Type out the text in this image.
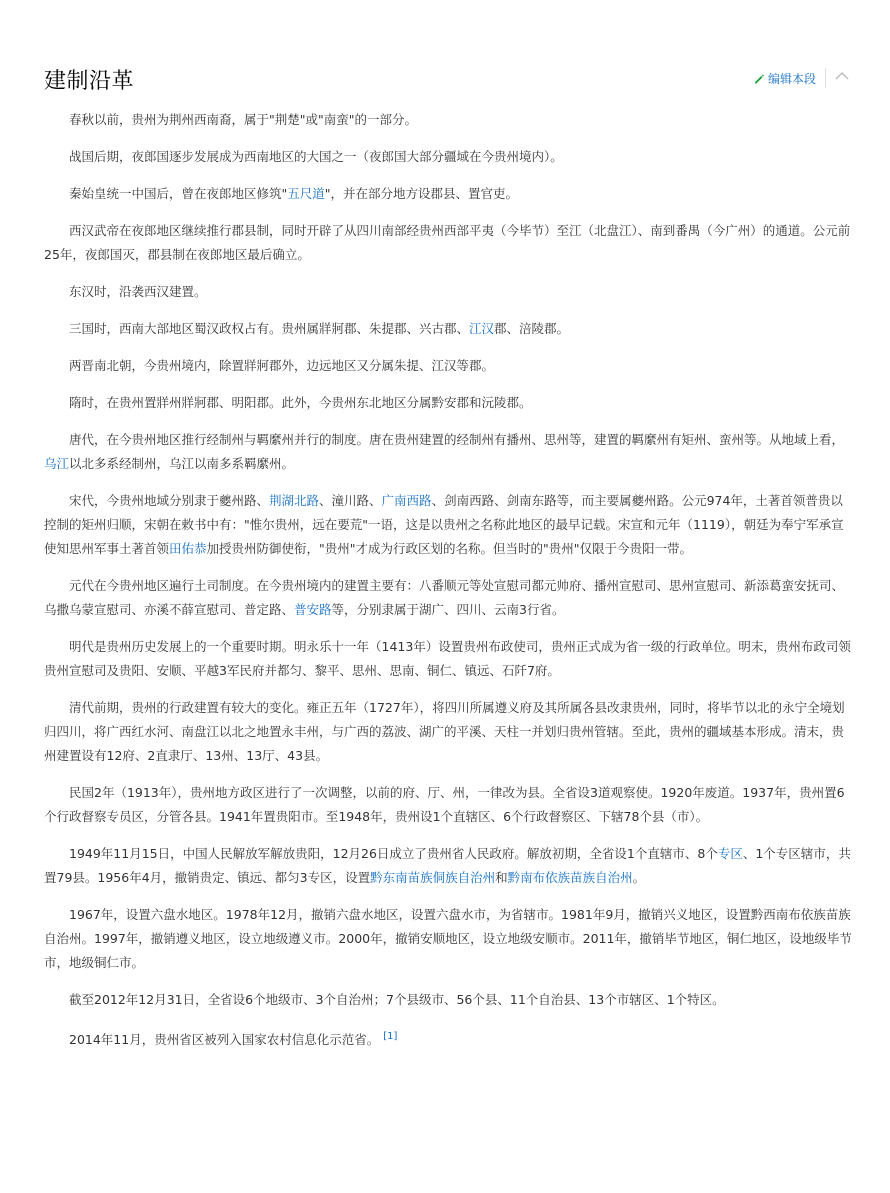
建制沿革	编辑本段

春秋以前，贵州为荆州西南裔，属于"荆楚"或"南蛮"的一部分。

战国后期，夜郎国逐步发展成为西南地区的大国之一（夜郎国大部分疆域在今贵州境内）。

秦始皇统一中国后，曾在夜郎地区修筑"五尺道"，并在部分地方设郡县、置官吏。

西汉武帝在夜郎地区继续推行郡县制，同时开辟了从四川南部经贵州西部平夷（今毕节）至江（北盘江）、南到番禺（今广州）的通道。公元前25年，夜郎国灭，郡县制在夜郎地区最后确立。

东汉时，沿袭西汉建置。

三国时，西南大部地区蜀汉政权占有。贵州属牂牁郡、朱提郡、兴古郡、江汉郡、涪陵郡。

两晋南北朝，今贵州境内，除置牂牁郡外，边远地区又分属朱提、江汉等郡。

隋时，在贵州置牂州牂牁郡、明阳郡。此外，今贵州东北地区分属黔安郡和沅陵郡。

唐代，在今贵州地区推行经制州与羁縻州并行的制度。唐在贵州建置的经制州有播州、思州等，建置的羁縻州有矩州、蛮州等。从地域上看，乌江以北多系经制州，乌江以南多系羁縻州。

宋代，今贵州地域分别隶于夔州路、荆湖北路、潼川路、广南西路、剑南西路、剑南东路等，而主要属夔州路。公元974年，土著首领普贵以控制的矩州归顺，宋朝在敕书中有："惟尔贵州，远在要荒"一语，这是以贵州之名称此地区的最早记载。宋宣和元年（1119），朝廷为奉宁军承宣使知思州军事土著首领田佑恭加授贵州防御使衔，"贵州"才成为行政区划的名称。但当时的"贵州"仅限于今贵阳一带。

元代在今贵州地区遍行土司制度。在今贵州境内的建置主要有：八番顺元等处宣慰司都元帅府、播州宣慰司、思州宣慰司、新添葛蛮安抚司、乌撒乌蒙宣慰司、亦溪不薛宣慰司、普定路、普安路等，分别隶属于湖广、四川、云南3行省。

明代是贵州历史发展上的一个重要时期。明永乐十一年（1413年）设置贵州布政使司，贵州正式成为省一级的行政单位。明末，贵州布政司领贵州宣慰司及贵阳、安顺、平越3军民府并都匀、黎平、思州、思南、铜仁、镇远、石阡7府。

清代前期，贵州的行政建置有较大的变化。雍正五年（1727年），将四川所属遵义府及其所属各县改隶贵州，同时，将毕节以北的永宁全境划归四川，将广西红水河、南盘江以北之地置永丰州，与广西的荔波、湖广的平溪、天柱一并划归贵州管辖。至此，贵州的疆域基本形成。清末，贵州建置设有12府、2直隶厅、13州、13厅、43县。

民国2年（1913年），贵州地方政区进行了一次调整，以前的府、厅、州，一律改为县。全省设3道观察使。1920年废道。1937年，贵州置6个行政督察专员区，分管各县。1941年置贵阳市。至1948年，贵州设1个直辖区、6个行政督察区、下辖78个县（市）。

1949年11月15日，中国人民解放军解放贵阳，12月26日成立了贵州省人民政府。解放初期，全省设1个直辖市、8个专区、1个专区辖市，共置79县。1956年4月，撤销贵定、镇远、都匀3专区，设置黔东南苗族侗族自治州和黔南布依族苗族自治州。

1967年，设置六盘水地区。1978年12月，撤销六盘水地区，设置六盘水市，为省辖市。1981年9月，撤销兴义地区，设置黔西南布依族苗族自治州。1997年，撤销遵义地区，设立地级遵义市。2000年，撤销安顺地区，设立地级安顺市。2011年，撤销毕节地区，铜仁地区，设地级毕节市，地级铜仁市。

截至2012年12月31日，全省设6个地级市、3个自治州；7个县级市、56个县、11个自治县、13个市辖区、1个特区。

2014年11月，贵州省区被列入国家农村信息化示范省。 [1]
